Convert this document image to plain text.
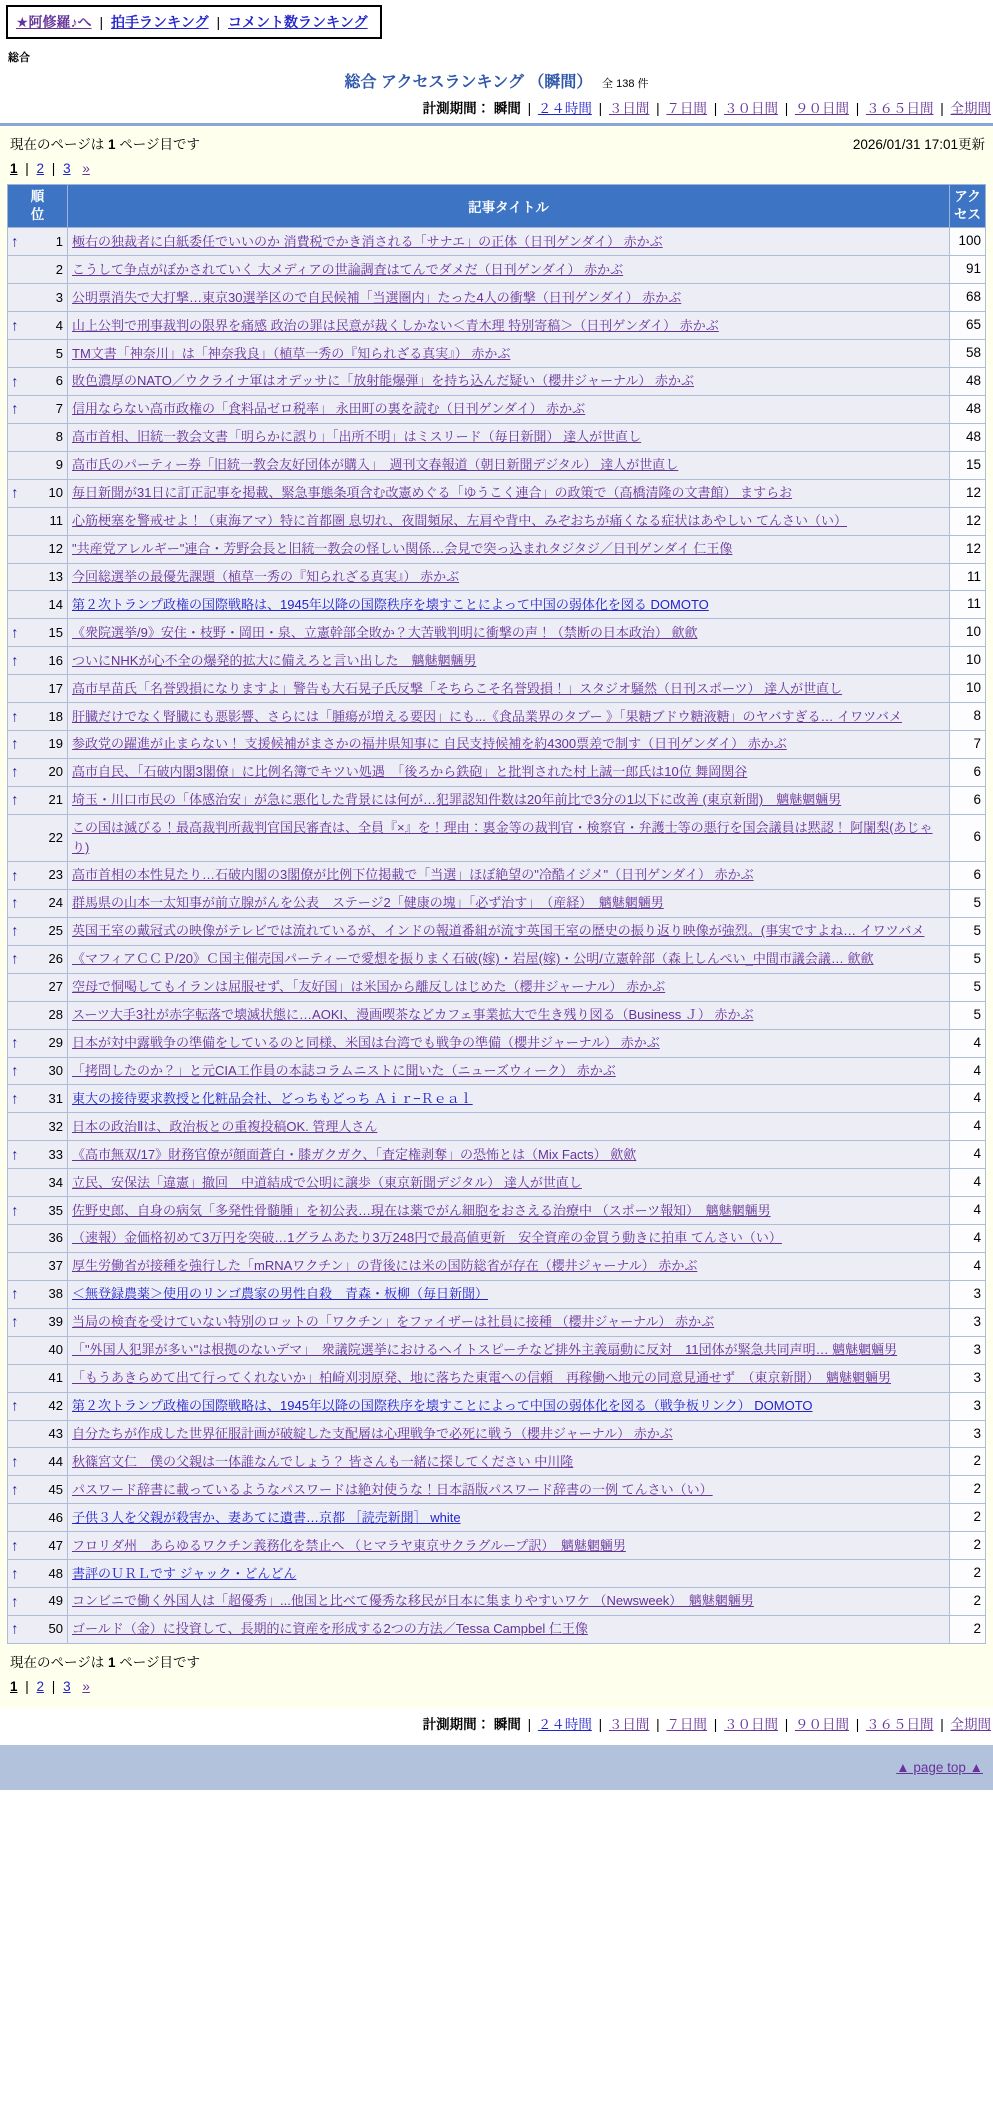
★阿修羅♪へ | 拍手ランキング | コメント数ランキング
総合
総合 アクセスランキング （瞬間） 全 138 件
計測期間： 瞬間 | ２４時間 | ３日間 | ７日間 | ３０日間 | ９０日間 | ３６５日間 | 全期間
現在のページは 1 ページ目です	2026/01/31 17:01更新
1 | 2 | 3 »
順位	記事タイトル	アクセス

↑ 1	極右の独裁者に白紙委任でいいのか 消費税でかき消される「サナエ」の正体（日刊ゲンダイ） 赤かぶ	100
2	こうして争点がぼかされていく 大メディアの世論調査はてんでダメだ（日刊ゲンダイ） 赤かぶ	91
3	公明票消失で大打撃…東京30選挙区ので自民候補「当選圏内」たった4人の衝撃（日刊ゲンダイ） 赤かぶ	68

↑ 4	山上公判で刑事裁判の限界を痛感 政治の罪は民意が裁くしかない＜青木理 特別寄稿＞（日刊ゲンダイ） 赤かぶ	65
5	TM文書「神奈川」は「神奈我良」（植草一秀の『知られざる真実』） 赤かぶ	58

↑ 6	敗色濃厚のNATO／ウクライナ軍はオデッサに「放射能爆弾」を持ち込んだ疑い（櫻井ジャーナル） 赤かぶ	48

↑ 7	信用ならない高市政権の「食料品ゼロ税率」 永田町の裏を読む（日刊ゲンダイ） 赤かぶ	48
8	高市首相、旧統一教会文書「明らかに誤り」「出所不明」はミスリード（毎日新聞） 達人が世直し	48
9	高市氏のパーティー券「旧統一教会友好団体が購入」　週刊文春報道（朝日新聞デジタル） 達人が世直し	15

↑ 10	毎日新聞が31日に訂正記事を掲載、緊急事態条項含む改憲めぐる「ゆうこく連合」の政策で（高橋清隆の文書館） ますらお	12
11	心筋梗塞を警戒せよ！（東海アマ）特に首都圏 息切れ、夜間頻尿、左肩や背中、みぞおちが痛くなる症状はあやしい てんさい（い）	12
12	"共産党アレルギー"連合・芳野会長と旧統一教会の怪しい関係…会見で突っ込まれタジタジ／日刊ゲンダイ 仁王像	12
13	今回総選挙の最優先課題（植草一秀の『知られざる真実』） 赤かぶ	11
14	第２次トランプ政権の国際戦略は、1945年以降の国際秩序を壊すことによって中国の弱体化を図る DOMOTO	11

↑ 15	《衆院選挙/9》安住・枝野・岡田・泉、立憲幹部全敗か？大苦戦判明に衝撃の声！（禁断の日本政治） 歛歛	10

↑ 16	ついにNHKが心不全の爆発的拡大に備えろと言い出した　魑魅魍魎男	10
17	高市早苗氏「名誉毀損になりますよ」警告も大石晃子氏反撃「そちらこそ名誉毀損！」スタジオ騒然（日刊スポーツ） 達人が世直し	10

↑ 18	肝臓だけでなく腎臓にも悪影響、さらには「腫瘍が増える要因」にも...《食品業界のタブー 》「果糖ブドウ糖液糖」のヤバすぎる… イワツバメ	8

↑ 19	参政党の躍進が止まらない！ 支援候補がまさかの福井県知事に 自民支持候補を約4300票差で制す（日刊ゲンダイ） 赤かぶ	7

↑ 20	高市自民、「石破内閣3閣僚」に比例名簿でキツい処遇　「後ろから鉄砲」と批判された村上誠一郎氏は10位 舞岡関谷	6

↑ 21	埼玉・川口市民の「体感治安」が急に悪化した背景には何が…犯罪認知件数は20年前比で3分の1以下に改善 (東京新聞)　魑魅魍魎男	6
22	この国は滅びる！最高裁判所裁判官国民審査は、全員『×』を！理由：裏金等の裁判官・検察官・弁護士等の悪行を国会議員は黙認！ 阿闍梨(あじゃり)	6

↑ 23	高市首相の本性見たり…石破内閣の3閣僚が比例下位掲載で「当選」ほぼ絶望の"冷酷イジメ"（日刊ゲンダイ） 赤かぶ	6

↑ 24	群馬県の山本一太知事が前立腺がんを公表　ステージ2「健康の塊」「必ず治す」　（産経）　魑魅魍魎男	5

↑ 25	英国王室の戴冠式の映像がテレビでは流れているが、インドの報道番組が流す英国王室の歴史の振り返り映像が強烈。(事実ですよね… イワツバメ	5

↑ 26	《マフィアＣＣＰ/20》Ｃ国主催売国パーティーで愛想を振りまく石破(嫁)・岩屋(嫁)・公明/立憲幹部（森上しんぺい_中間市議会議… 歛歛	5
27	空母で恫喝してもイランは屈服せず、「友好国」は米国から離反しはじめた（櫻井ジャーナル） 赤かぶ	5
28	スーツ大手3社が赤字転落で壊滅状態に…AOKI、漫画喫茶などカフェ事業拡大で生き残り図る（Business Ｊ） 赤かぶ	5

↑ 29	日本が対中露戦争の準備をしているのと同様、米国は台湾でも戦争の準備（櫻井ジャーナル） 赤かぶ	4

↑ 30	「拷問したのか？」と元CIA工作員の本誌コラムニストに聞いた（ニューズウィーク） 赤かぶ	4

↑ 31	東大の接待要求教授と化粧品会社、どっちもどっち Ａｉｒ−Ｒｅａｌ	4
32	日本の政治Ⅱは、政治板との重複投稿OK. 管理人さん	4

↑ 33	《高市無双/17》財務官僚が顔面蒼白・膝ガクガク、「査定権剥奪」の恐怖とは（Mix Facts） 歛歛	4
34	立民、安保法「違憲」撤回　中道結成で公明に譲歩（東京新聞デジタル） 達人が世直し	4

↑ 35	佐野史郎、自身の病気「多発性骨髄腫」を初公表…現在は薬でがん細胞をおさえる治療中 （スポーツ報知）　魑魅魍魎男	4
36	（速報）金価格初めて3万円を突破…1グラムあたり3万248円で最高値更新　安全資産の金買う動きに拍車 てんさい（い）	4
37	厚生労働省が接種を強行した「mRNAワクチン」の背後には米の国防総省が存在（櫻井ジャーナル） 赤かぶ	4

↑ 38	＜無登録農薬＞使用のリンゴ農家の男性自殺　青森・板柳（毎日新聞）	3

↑ 39	当局の検査を受けていない特別のロットの「ワクチン」をファイザーは社員に接種 （櫻井ジャーナル） 赤かぶ	3
40	「"外国人犯罪が多い"は根拠のないデマ」　衆議院選挙におけるヘイトスピーチなど排外主義扇動に反対　11団体が緊急共同声明… 魑魅魍魎男	3
41	「もうあきらめて出て行ってくれないか」柏崎刈羽原発、地に落ちた東電への信頼　再稼働へ地元の同意見通せず　（東京新聞）　魑魅魍魎男	3

↑ 42	第２次トランプ政権の国際戦略は、1945年以降の国際秩序を壊すことによって中国の弱体化を図る（戦争板リンク） DOMOTO	3
43	自分たちが作成した世界征服計画が破綻した支配層は心理戦争で必死に戦う（櫻井ジャーナル） 赤かぶ	3

↑ 44	秋篠宮文仁　僕の父親は一体誰なんでしょう？ 皆さんも一緒に探してください 中川隆	2

↑ 45	パスワード辞書に載っているようなパスワードは絶対使うな！日本語版パスワード辞書の一例 てんさい（い）	2
46	子供３人を父親が殺害か、妻あてに遺書…京都 ［読売新聞］ white	2

↑ 47	フロリダ州　あらゆるワクチン義務化を禁止へ （ヒマラヤ東京サクラグループ訳）　魑魅魍魎男	2

↑ 48	書評のＵＲＬです ジャック・どんどん	2

↑ 49	コンビニで働く外国人は「超優秀」...他国と比べて優秀な移民が日本に集まりやすいワケ （Newsweek）　魑魅魍魎男	2

↑ 50	ゴールド（金）に投資して、長期的に資産を形成する2つの方法／Tessa Campbel 仁王像	2
現在のページは 1 ページ目です
1 | 2 | 3 »
計測期間： 瞬間 | ２４時間 | ３日間 | ７日間 | ３０日間 | ９０日間 | ３６５日間 | 全期間
▲ page top ▲
